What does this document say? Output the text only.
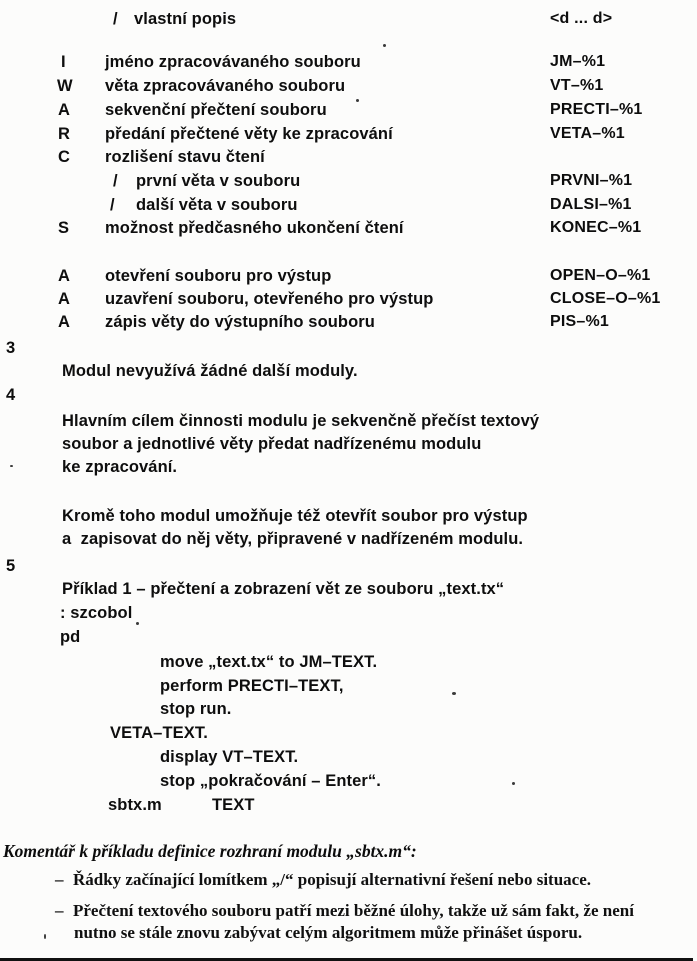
/ vlastní popis	<d ... d>
I jméno zpracovávaného souboru	JM–%1
W věta zpracovávaného souboru	VT–%1
A sekvenční přečtení souboru	PRECTI–%1
R předání přečtené věty ke zpracování	VETA–%1
C rozlišení stavu čtení
/ první věta v souboru	PRVNI–%1
/ další věta v souboru	DALSI–%1
S možnost předčasného ukončení čtení	KONEC–%1
A otevření souboru pro výstup	OPEN–O–%1
A uzavření souboru, otevřeného pro výstup	CLOSE–O–%1
A zápis věty do výstupního souboru	PIS–%1
3
Modul nevyužívá žádné další moduly.
4
Hlavním cílem činnosti modulu je sekvenčně přečíst textový
soubor a jednotlivé věty předat nadřízenému modulu
ke zpracování.
Kromě toho modul umožňuje též otevřít soubor pro výstup
a  zapisovat do něj věty, připravené v nadřízeném modulu.
5
Příklad 1 – přečtení a zobrazení vět ze souboru „text.tx“
: szcobol
pd
move „text.tx“ to JM–TEXT.
perform PRECTI–TEXT,
stop run.
VETA–TEXT.
display VT–TEXT.
stop „pokračování – Enter“.
sbtx.m	TEXT
Komentář k příkladu definice rozhraní modulu „sbtx.m“:
– Řádky začínající lomítkem „/“ popisují alternativní řešení nebo situace.
– Přečtení textového souboru patří mezi běžné úlohy, takže už sám fakt, že není
nutno se stále znovu zabývat celým algoritmem může přinášet úsporu.
